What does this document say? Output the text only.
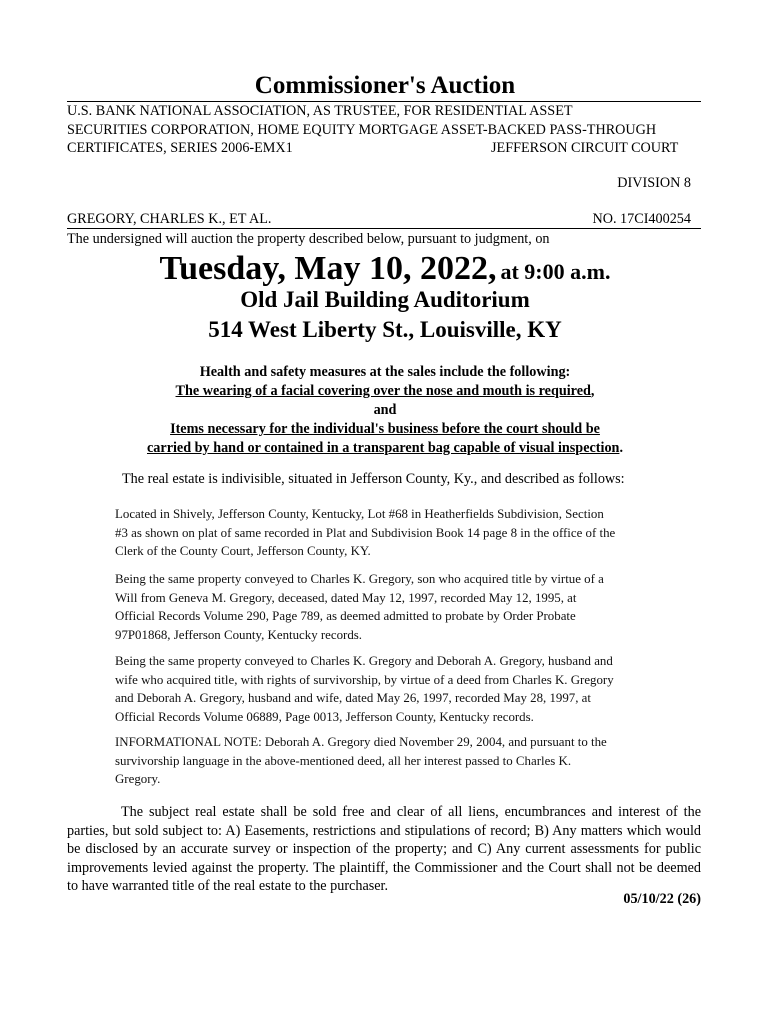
Commissioner's Auction
U.S. BANK NATIONAL ASSOCIATION, AS TRUSTEE, FOR RESIDENTIAL ASSET
SECURITIES CORPORATION, HOME EQUITY MORTGAGE ASSET-BACKED PASS-THROUGH
CERTIFICATES, SERIES 2006-EMX1	JEFFERSON CIRCUIT COURT
DIVISION 8
GREGORY, CHARLES K., ET AL.	NO. 17CI400254
The undersigned will auction the property described below, pursuant to judgment, on
Tuesday, May 10, 2022, at 9:00 a.m.
Old Jail Building Auditorium
514 West Liberty St., Louisville, KY
Health and safety measures at the sales include the following:
The wearing of a facial covering over the nose and mouth is required,
and
Items necessary for the individual's business before the court should be
carried by hand or contained in a transparent bag capable of visual inspection.
The real estate is indivisible, situated in Jefferson County, Ky., and described as follows:
Located in Shively, Jefferson County, Kentucky, Lot #68 in Heatherfields Subdivision, Section
#3 as shown on plat of same recorded in Plat and Subdivision Book 14 page 8 in the office of the
Clerk of the County Court, Jefferson County, KY.
Being the same property conveyed to Charles K. Gregory, son who acquired title by virtue of a
Will from Geneva M. Gregory, deceased, dated May 12, 1997, recorded May 12, 1995, at
Official Records Volume 290, Page 789, as deemed admitted to probate by Order Probate
97P01868, Jefferson County, Kentucky records.
Being the same property conveyed to Charles K. Gregory and Deborah A. Gregory, husband and
wife who acquired title, with rights of survivorship, by virtue of a deed from Charles K. Gregory
and Deborah A. Gregory, husband and wife, dated May 26, 1997, recorded May 28, 1997, at
Official Records Volume 06889, Page 0013, Jefferson County, Kentucky records.
INFORMATIONAL NOTE: Deborah A. Gregory died November 29, 2004, and pursuant to the
survivorship language in the above-mentioned deed, all her interest passed to Charles K.
Gregory.
The subject real estate shall be sold free and clear of all liens, encumbrances and interest of the parties, but sold subject to: A) Easements, restrictions and stipulations of record; B) Any matters which would be disclosed by an accurate survey or inspection of the property; and C) Any current assessments for public improvements levied against the property. The plaintiff, the Commissioner and the Court shall not be deemed to have warranted title of the real estate to the purchaser.
05/10/22 (26)
